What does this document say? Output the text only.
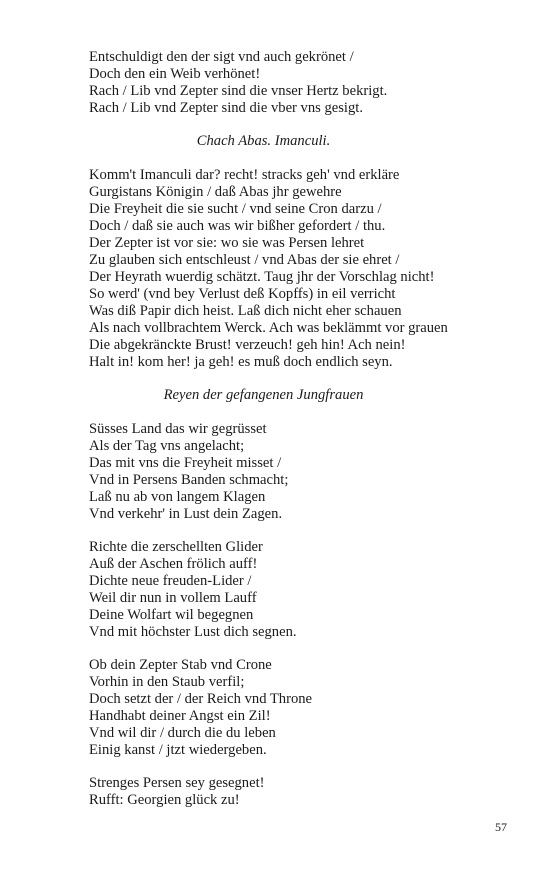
Entschuldigt den der sigt vnd auch gekrönet /
Doch den ein Weib verhönet!
Rach / Lib vnd Zepter sind die vnser Hertz bekrigt.
Rach / Lib vnd Zepter sind die vber vns gesigt.
Chach Abas. Imanculi.
Komm't Imanculi dar? recht! stracks geh' vnd erkläre
Gurgistans Königin / daß Abas jhr gewehre
Die Freyheit die sie sucht / vnd seine Cron darzu /
Doch / daß sie auch was wir bißher gefordert / thu.
Der Zepter ist vor sie: wo sie was Persen lehret
Zu glauben sich entschleust / vnd Abas der sie ehret /
Der Heyrath wuerdig schätzt. Taug jhr der Vorschlag nicht!
So werd' (vnd bey Verlust deß Kopffs) in eil verricht
Was diß Papir dich heist. Laß dich nicht eher schauen
Als nach vollbrachtem Werck. Ach was beklämmt vor grauen
Die abgekränckte Brust! verzeuch! geh hin! Ach nein!
Halt in! kom her! ja geh! es muß doch endlich seyn.
Reyen der gefangenen Jungfrauen
Süsses Land das wir gegrüsset
Als der Tag vns angelacht;
Das mit vns die Freyheit misset /
Vnd in Persens Banden schmacht;
Laß nu ab von langem Klagen
Vnd verkehr' in Lust dein Zagen.
Richte die zerschellten Glider
Auß der Aschen frölich auff!
Dichte neue freuden-Lider /
Weil dir nun in vollem Lauff
Deine Wolfart wil begegnen
Vnd mit höchster Lust dich segnen.
Ob dein Zepter Stab vnd Crone
Vorhin in den Staub verfil;
Doch setzt der / der Reich vnd Throne
Handhabt deiner Angst ein Zil!
Vnd wil dir / durch die du leben
Einig kanst / jtzt wiedergeben.
Strenges Persen sey gesegnet!
Rufft: Georgien glück zu!
57
